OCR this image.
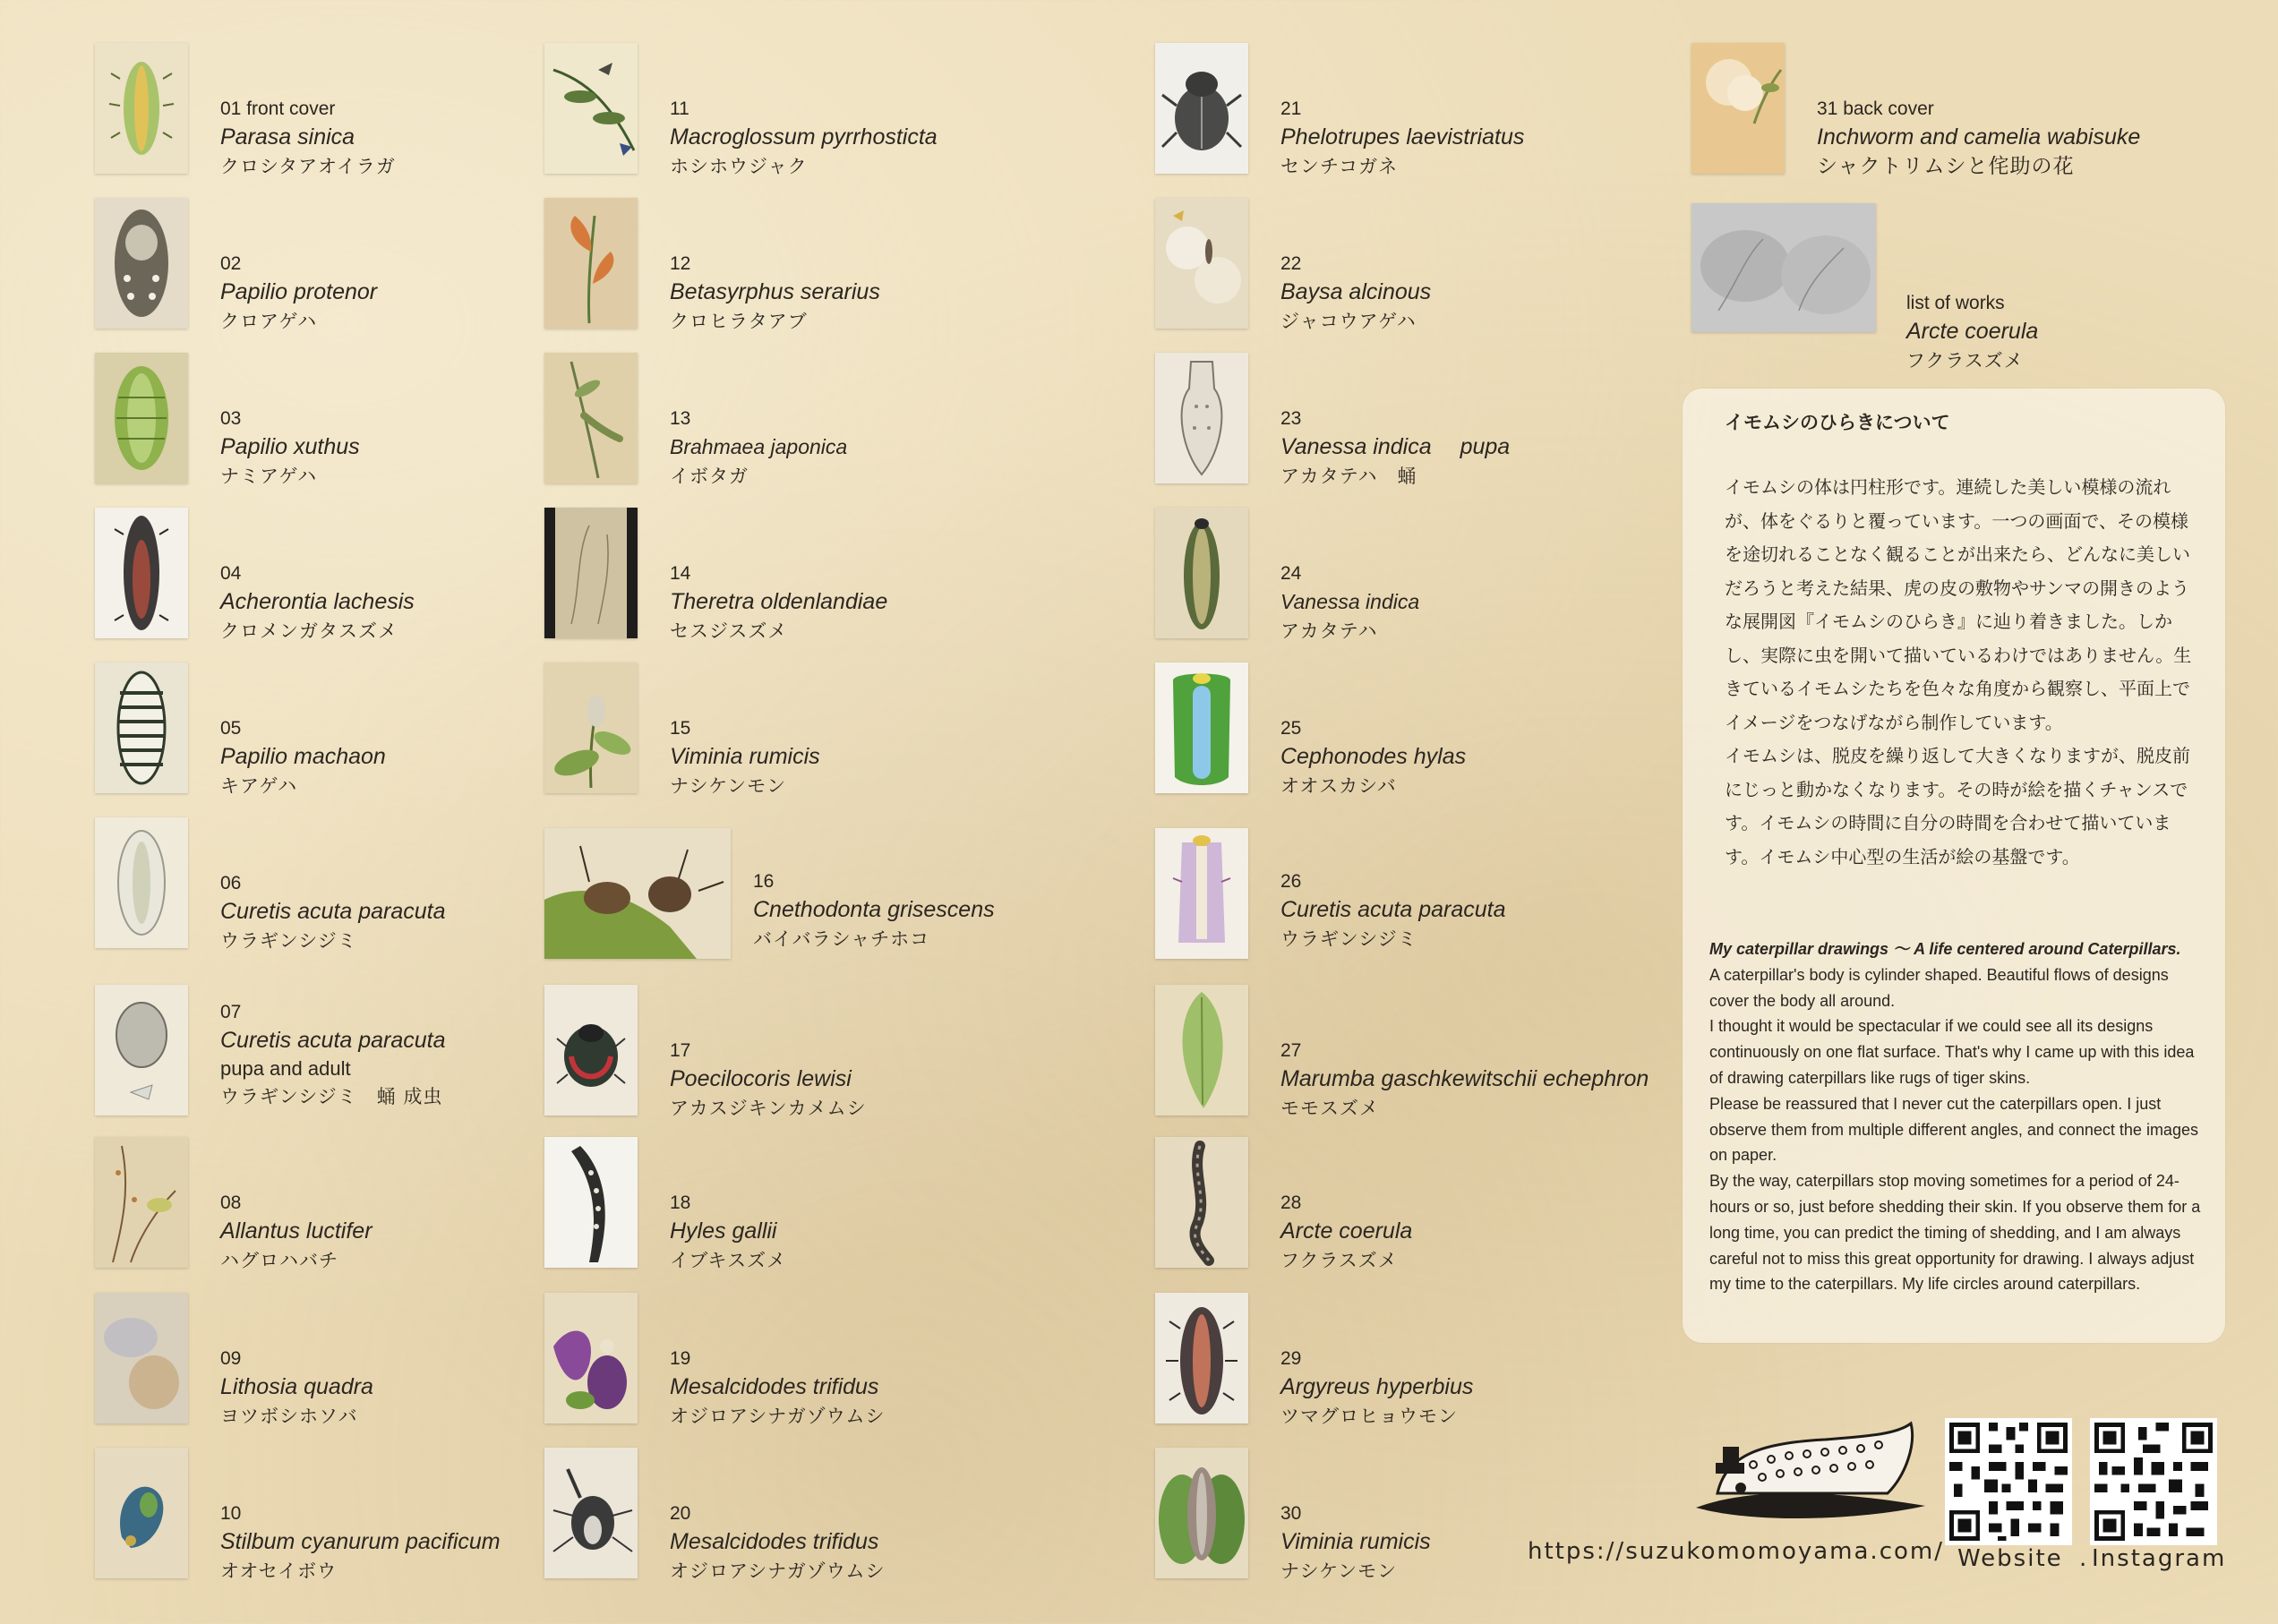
01 front cover
Parasa sinica
クロシタアオイラガ
02
Papilio protenor
クロアゲハ
03
Papilio xuthus
ナミアゲハ
04
Acherontia lachesis
クロメンガタスズメ
05
Papilio machaon
キアゲハ
06
Curetis acuta paracuta
ウラギンシジミ
07
Curetis acuta paracuta
pupa and adult
ウラギンシジミ　蛹 成虫
08
Allantus luctifer
ハグロハバチ
09
Lithosia quadra
ヨツボシホソバ
10
Stilbum cyanurum pacificum
オオセイボウ
11
Macroglossum pyrrhosticta
ホシホウジャク
12
Betasyrphus serarius
クロヒラタアブ
13
Brahmaea japonica
イボタガ
14
Theretra oldenlandiae
セスジスズメ
15
Viminia rumicis
ナシケンモン
16
Cnethodonta grisescens
バイバラシャチホコ
17
Poecilocoris lewisi
アカスジキンカメムシ
18
Hyles gallii
イブキスズメ
19
Mesalcidodes trifidus
オジロアシナガゾウムシ
20
Mesalcidodes trifidus
オジロアシナガゾウムシ
21
Phelotrupes laevistriatus
センチコガネ
22
Baysa alcinous
ジャコウアゲハ
23
Vanessa indica　 pupa
アカタテハ　蛹
24
Vanessa indica
アカタテハ
25
Cephonodes hylas
オオスカシバ
26
Curetis acuta paracuta
ウラギンシジミ
27
Marumba gaschkewitschii echephron
モモスズメ
28
Arcte coerula
フクラスズメ
29
Argyreus hyperbius
ツマグロヒョウモン
30
Viminia rumicis
ナシケンモン
31 back cover
Inchworm and camelia wabisuke
シャクトリムシと侘助の花
list of works
Arcte coerula
フクラスズメ
イモムシのひらきについて

イモムシの体は円柱形です。連続した美しい模様の流れが、体をぐるりと覆っています。一つの画面で、その模様を途切れることなく観ることが出来たら、どんなに美しいだろうと考えた結果、虎の皮の敷物やサンマの開きのような展開図『イモムシのひらき』に辿り着きました。しかし、実際に虫を開いて描いているわけではありません。生きているイモムシたちを色々な角度から観察し、平面上でイメージをつなげながら制作しています。

イモムシは、脱皮を繰り返して大きくなりますが、脱皮前にじっと動かなくなります。その時が絵を描くチャンスです。イモムシの時間に自分の時間を合わせて描いています。イモムシ中心型の生活が絵の基盤です。

My caterpillar drawings 〜 A life centered around Caterpillars.

A caterpillar's body is cylinder shaped. Beautiful flows of designs cover the body all around.

I thought it would be spectacular if we could see all its designs continuously on one flat surface. That's why I came up with this idea of drawing caterpillars like rugs of tiger skins.

Please be reassured that I never cut the caterpillars open. I just observe them from multiple different angles, and connect the images on paper.

By the way, caterpillars stop moving sometimes for a period of 24-hours or so, just before shedding their skin. If you observe them for a long time, you can predict the timing of shedding, and I am always careful not to miss this great opportunity for drawing. I always adjust my time to the caterpillars. My life circles around caterpillars.

https://suzukomomoyama.com/ Website . Instagram
